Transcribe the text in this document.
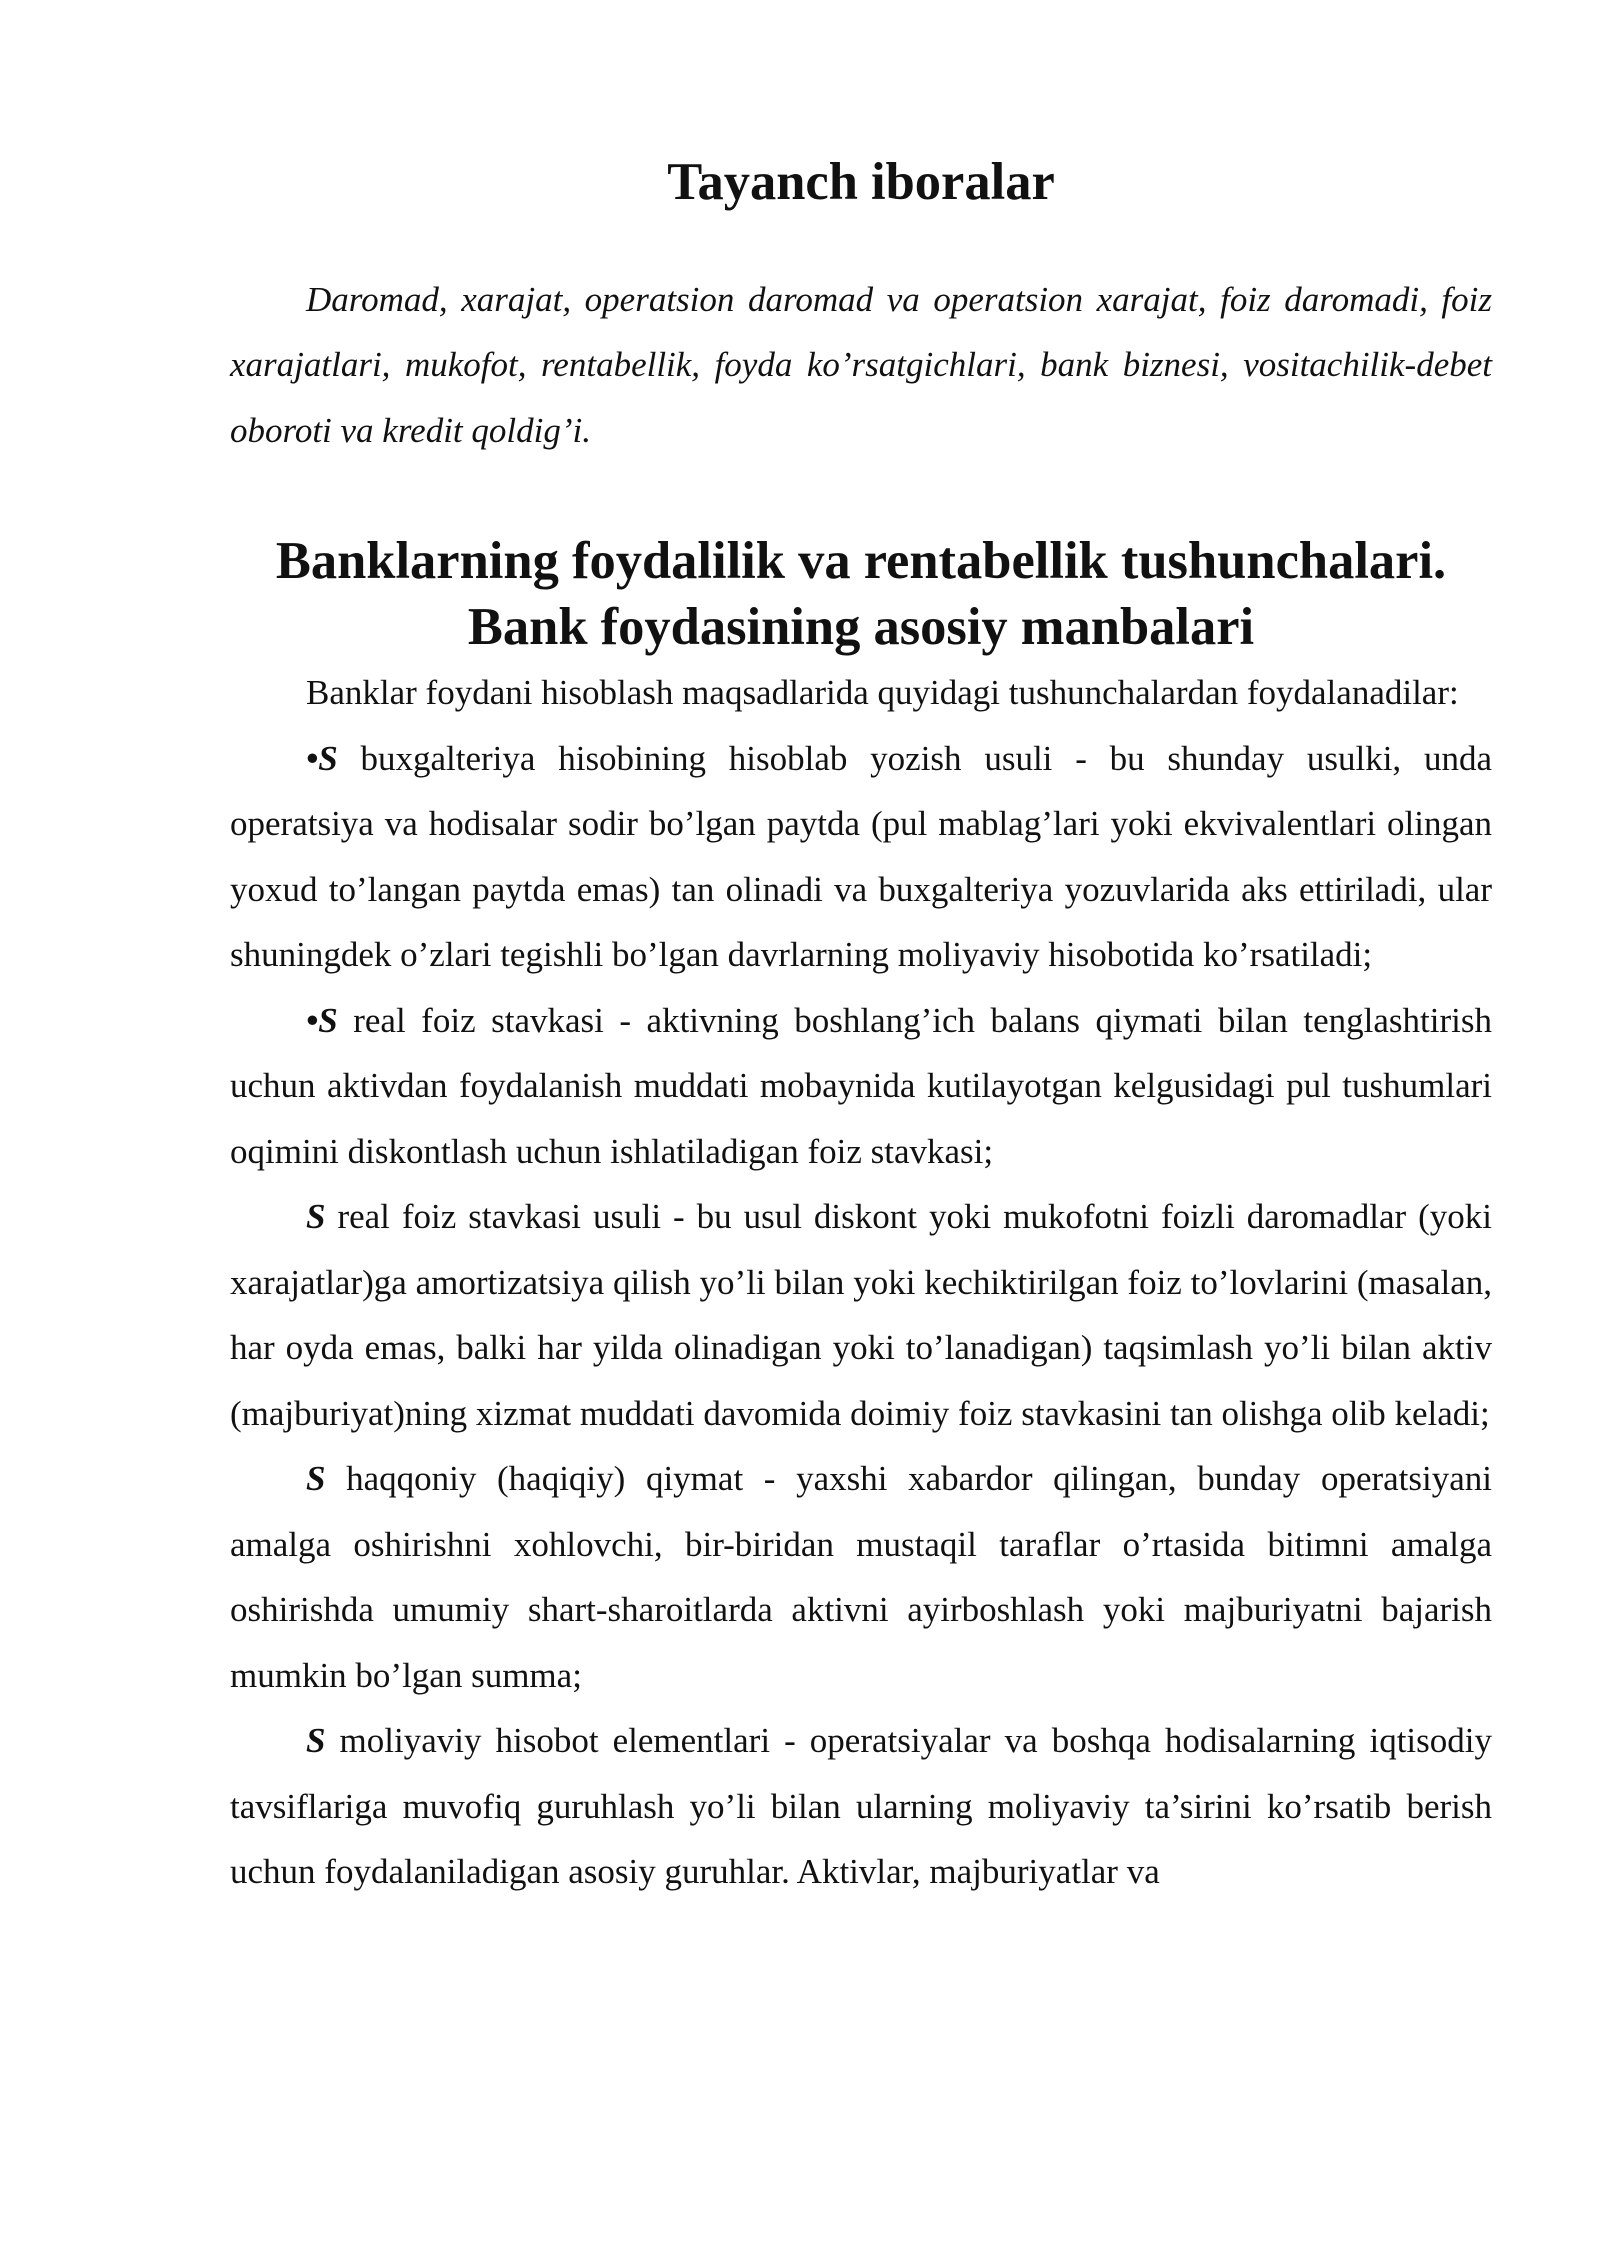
Tayanch iboralar

Daromad, xarajat, operatsion daromad va operatsion xarajat, foiz daromadi, foiz xarajatlari, mukofot, rentabellik, foyda ko’rsatgichlari, bank biznesi, vositachilik-debet oboroti va kredit qoldig’i.

Banklarning foydalilik va rentabellik tushunchalari. Bank foydasining asosiy manbalari

Banklar foydani hisoblash maqsadlarida quyidagi tushunchalardan foydalanadilar:

•S buxgalteriya hisobining hisoblab yozish usuli - bu shunday usulki, unda operatsiya va hodisalar sodir bo’lgan paytda (pul mablag’lari yoki ekvivalentlari olingan yoxud to’langan paytda emas) tan olinadi va buxgalteriya yozuvlarida aks ettiriladi, ular shuningdek o’zlari tegishli bo’lgan davrlarning moliyaviy hisobotida ko’rsatiladi;

•S real foiz stavkasi - aktivning boshlang’ich balans qiymati bilan tenglashtirish uchun aktivdan foydalanish muddati mobaynida kutilayotgan kelgusidagi pul tushumlari oqimini diskontlash uchun ishlatiladigan foiz stavkasi;

S real foiz stavkasi usuli - bu usul diskont yoki mukofotni foizli daromadlar (yoki xarajatlar)ga amortizatsiya qilish yo’li bilan yoki kechiktirilgan foiz to’lovlarini (masalan, har oyda emas, balki har yilda olinadigan yoki to’lanadigan) taqsimlash yo’li bilan aktiv (majburiyat)ning xizmat muddati davomida doimiy foiz stavkasini tan olishga olib keladi;

S haqqoniy (haqiqiy) qiymat - yaxshi xabardor qilingan, bunday operatsiyani amalga oshirishni xohlovchi, bir-biridan mustaqil taraflar o’rtasida bitimni amalga oshirishda umumiy shart-sharoitlarda aktivni ayirboshlash yoki majburiyatni bajarish mumkin bo’lgan summa;

S moliyaviy hisobot elementlari - operatsiyalar va boshqa hodisalarning iqtisodiy tavsiflariga muvofiq guruhlash yo’li bilan ularning moliyaviy ta’sirini ko’rsatib berish uchun foydalaniladigan asosiy guruhlar. Aktivlar, majburiyatlar va
